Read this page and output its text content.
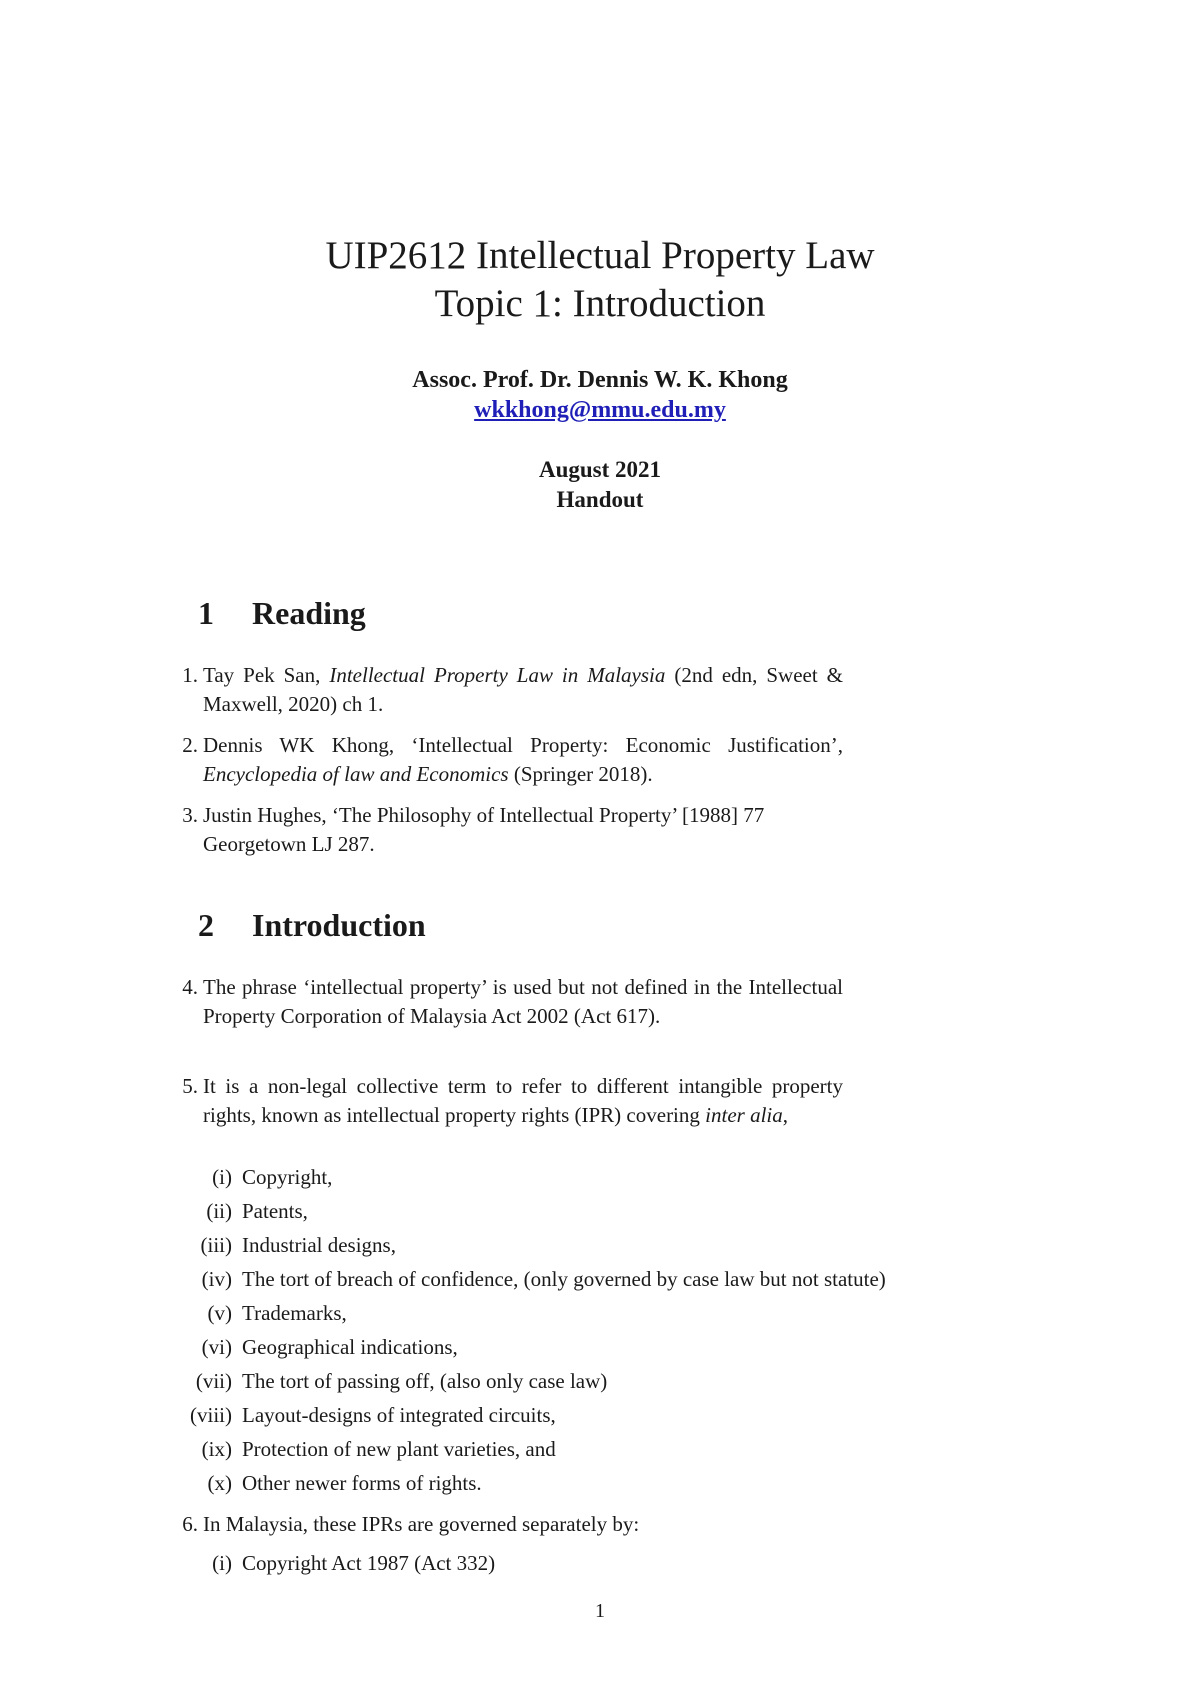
UIP2612 Intellectual Property Law
Topic 1: Introduction
Assoc. Prof. Dr. Dennis W. K. Khong
wkkhong@mmu.edu.my
August 2021
Handout
1	Reading
1. Tay Pek San, Intellectual Property Law in Malaysia (2nd edn, Sweet & Maxwell, 2020) ch 1.
2. Dennis WK Khong, ‘Intellectual Property: Economic Justification’, Encyclopedia of law and Economics (Springer 2018).
3. Justin Hughes, ‘The Philosophy of Intellectual Property’ [1988] 77 Georgetown LJ 287.
2	Introduction
4. The phrase ‘intellectual property’ is used but not defined in the Intellectual Property Corporation of Malaysia Act 2002 (Act 617).
5. It is a non-legal collective term to refer to different intangible property rights, known as intellectual property rights (IPR) covering inter alia,
(i) Copyright,
(ii) Patents,
(iii) Industrial designs,
(iv) The tort of breach of confidence, (only governed by case law but not statute)
(v) Trademarks,
(vi) Geographical indications,
(vii) The tort of passing off, (also only case law)
(viii) Layout-designs of integrated circuits,
(ix) Protection of new plant varieties, and
(x) Other newer forms of rights.
6. In Malaysia, these IPRs are governed separately by:
(i) Copyright Act 1987 (Act 332)
1
